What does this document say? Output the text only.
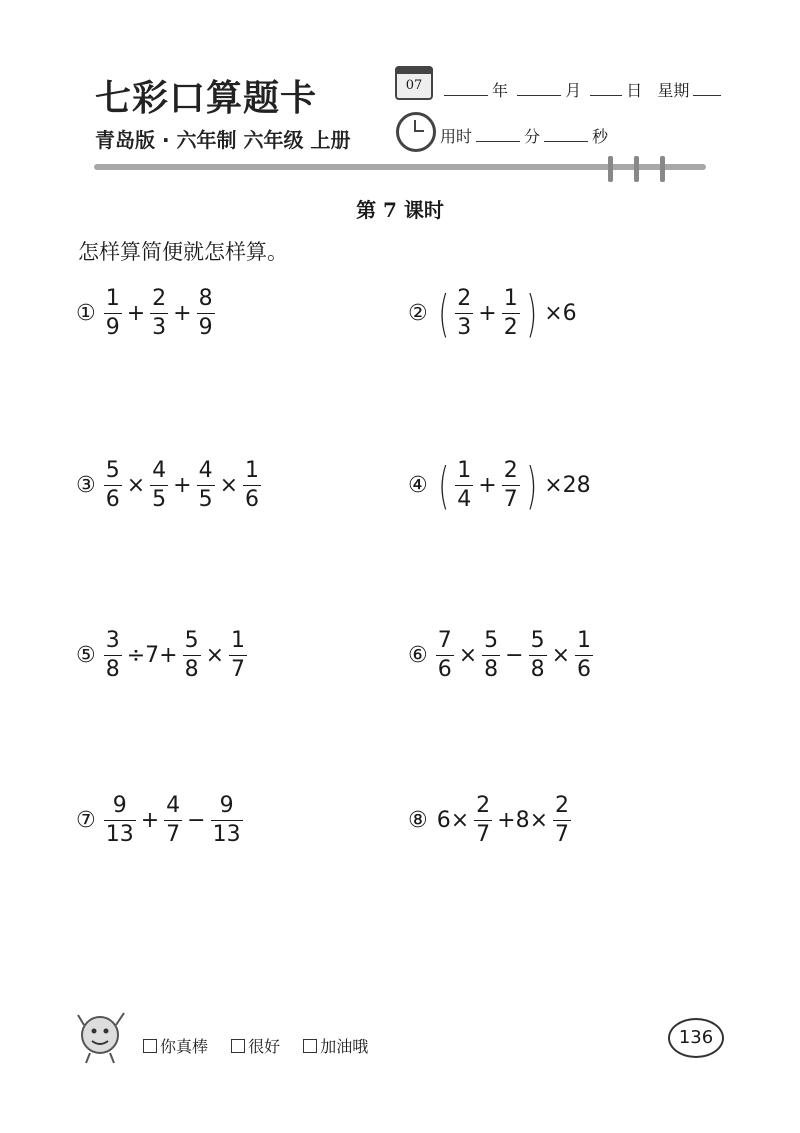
七彩口算题卡
青岛版 · 六年制 六年级 上册
07	年	月	日 星期
用时	分	秒
第 7 课时
怎样算简便就怎样算。
① $\frac{1}{9} + \frac{2}{3} + \frac{8}{9}$	② ( $\frac{2}{3} + \frac{1}{2}$ ) ×6
③ $\frac{5}{6} \times \frac{4}{5} + \frac{4}{5} \times \frac{1}{6}$	④ ( $\frac{1}{4} + \frac{2}{7}$ ) ×28
⑤ $\frac{3}{8} \div 7+ \frac{5}{8} \times \frac{1}{7}$	⑥ $\frac{7}{6} \times \frac{5}{8} - \frac{5}{8} \times \frac{1}{6}$
⑦ $\frac{9}{13} + \frac{4}{7} - \frac{9}{13}$	⑧ $6\times \frac{2}{7} +8\times \frac{2}{7}$
你真棒	很好	加油哦	136
